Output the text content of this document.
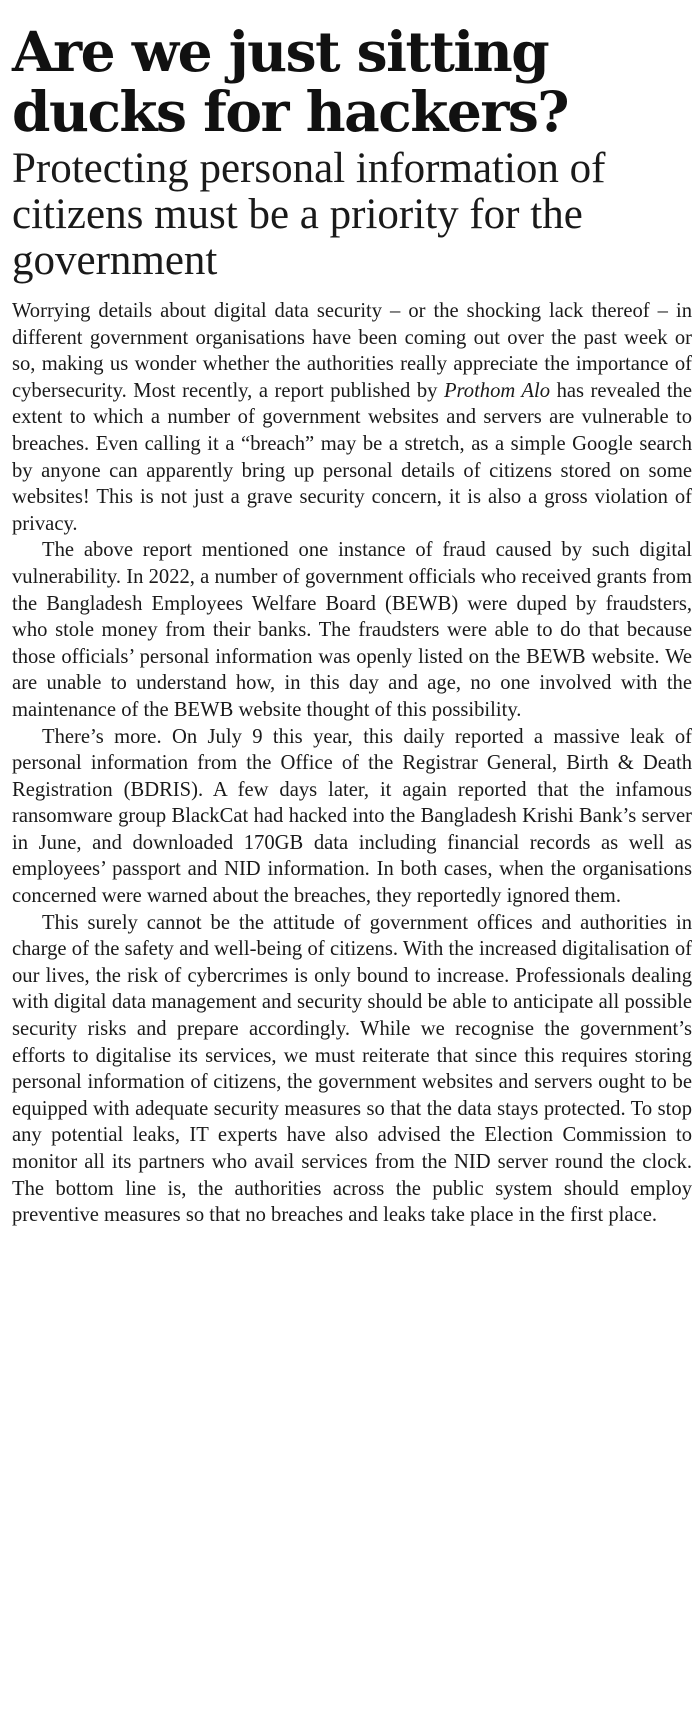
Are we just sitting ducks for hackers?
Protecting personal information of citizens must be a priority for the government

Worrying details about digital data security – or the shocking lack thereof – in different government organisations have been coming out over the past week or so, making us wonder whether the authorities really appreciate the importance of cybersecurity. Most recently, a report published by Prothom Alo has revealed the extent to which a number of government websites and servers are vulnerable to breaches. Even calling it a “breach” may be a stretch, as a simple Google search by anyone can apparently bring up personal details of citizens stored on some websites! This is not just a grave security concern, it is also a gross violation of privacy.

The above report mentioned one instance of fraud caused by such digital vulnerability. In 2022, a number of government officials who received grants from the Bangladesh Employees Welfare Board (BEWB) were duped by fraudsters, who stole money from their banks. The fraudsters were able to do that because those officials’ personal information was openly listed on the BEWB website. We are unable to understand how, in this day and age, no one involved with the maintenance of the BEWB website thought of this possibility.

There’s more. On July 9 this year, this daily reported a massive leak of personal information from the Office of the Registrar General, Birth & Death Registration (BDRIS). A few days later, it again reported that the infamous ransomware group BlackCat had hacked into the Bangladesh Krishi Bank’s server in June, and downloaded 170GB data including financial records as well as employees’ passport and NID information. In both cases, when the organisations concerned were warned about the breaches, they reportedly ignored them.

This surely cannot be the attitude of government offices and authorities in charge of the safety and well-being of citizens. With the increased digitalisation of our lives, the risk of cybercrimes is only bound to increase. Professionals dealing with digital data management and security should be able to anticipate all possible security risks and prepare accordingly. While we recognise the government’s efforts to digitalise its services, we must reiterate that since this requires storing personal information of citizens, the government websites and servers ought to be equipped with adequate security measures so that the data stays protected. To stop any potential leaks, IT experts have also advised the Election Commission to monitor all its partners who avail services from the NID server round the clock. The bottom line is, the authorities across the public system should employ preventive measures so that no breaches and leaks take place in the first place.
